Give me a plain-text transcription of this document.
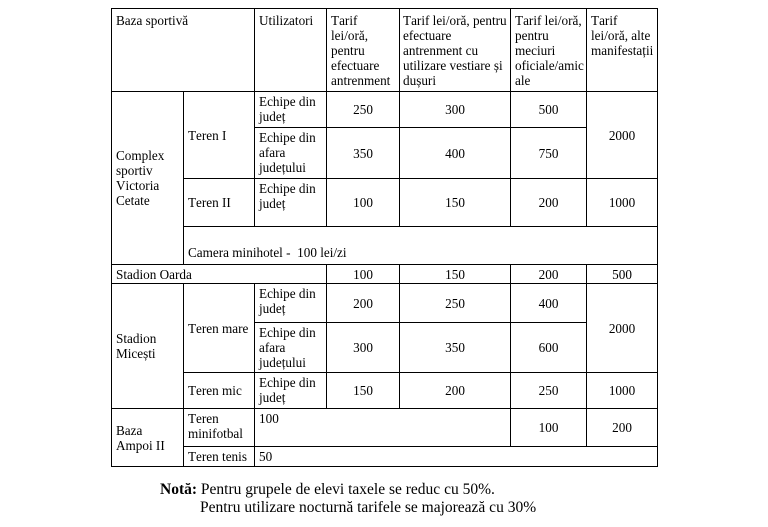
Baza sportivă		Utilizatori	Tarif lei/oră, pentru efectuare antrenment	Tarif lei/oră, pentru efectuare antrenment cu utilizare vestiare și dușuri	Tarif lei/oră, pentru meciuri oficiale/amicale	Tarif lei/oră, alte manifestații
Complex sportiv Victoria Cetate	Teren I	Echipe din județ	250	300	500	2000
		Echipe din afara județului	350	400	750	
	Teren II	Echipe din județ	100	150	200	1000
	Camera minihotel -  100 lei/zi					
Stadion Oarda			100	150	200	500
Stadion Micești	Teren mare	Echipe din județ	200	250	400	2000
		Echipe din afara județului	300	350	600	
	Teren mic	Echipe din județ	150	200	250	1000
Baza Ampoi II	Teren minifotbal	100			100	200
	Teren tenis	50				
Notă: Pentru grupele de elevi taxele se reduc cu 50%.
Pentru utilizare nocturnă tarifele se majorează cu 30%
